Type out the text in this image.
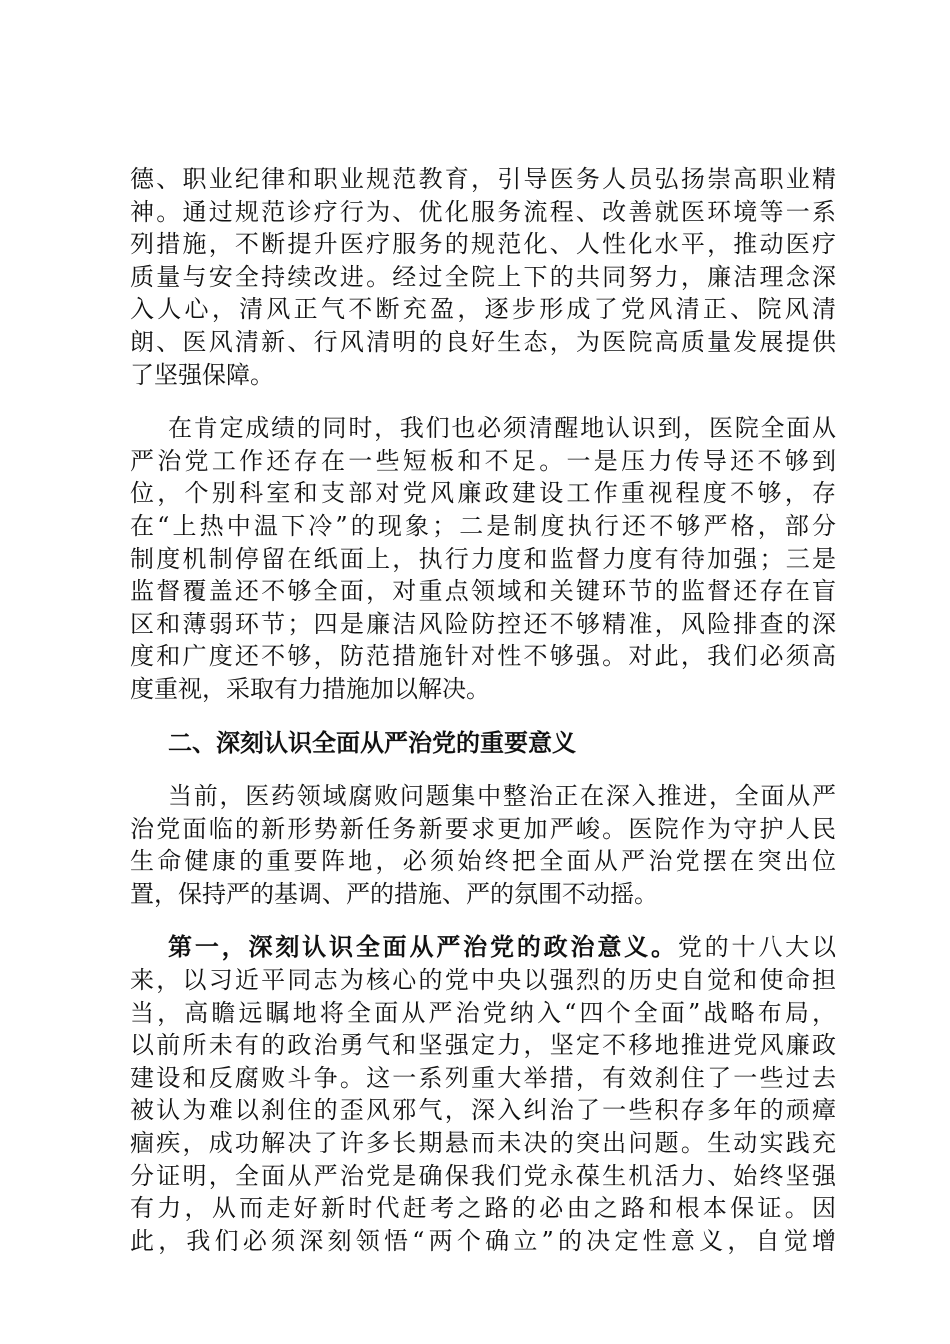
德、职业纪律和职业规范教育，引导医务人员弘扬崇高职业精
神。通过规范诊疗行为、优化服务流程、改善就医环境等一系
列措施，不断提升医疗服务的规范化、人性化水平，推动医疗
质量与安全持续改进。经过全院上下的共同努力，廉洁理念深
入人心，清风正气不断充盈，逐步形成了党风清正、院风清
朗、医风清新、行风清明的良好生态，为医院高质量发展提供
了坚强保障。
在肯定成绩的同时，我们也必须清醒地认识到，医院全面从
严治党工作还存在一些短板和不足。一是压力传导还不够到
位，个别科室和支部对党风廉政建设工作重视程度不够，存
在“上热中温下冷”的现象；二是制度执行还不够严格，部分
制度机制停留在纸面上，执行力度和监督力度有待加强；三是
监督覆盖还不够全面，对重点领域和关键环节的监督还存在盲
区和薄弱环节；四是廉洁风险防控还不够精准，风险排查的深
度和广度还不够，防范措施针对性不够强。对此，我们必须高
度重视，采取有力措施加以解决。
二、深刻认识全面从严治党的重要意义
当前，医药领域腐败问题集中整治正在深入推进，全面从严
治党面临的新形势新任务新要求更加严峻。医院作为守护人民
生命健康的重要阵地，必须始终把全面从严治党摆在突出位
置，保持严的基调、严的措施、严的氛围不动摇。
第一，深刻认识全面从严治党的政治意义。党的十八大以
来，以习近平同志为核心的党中央以强烈的历史自觉和使命担
当，高瞻远瞩地将全面从严治党纳入“四个全面”战略布局，
以前所未有的政治勇气和坚强定力，坚定不移地推进党风廉政
建设和反腐败斗争。这一系列重大举措，有效刹住了一些过去
被认为难以刹住的歪风邪气，深入纠治了一些积存多年的顽瘴
痼疾，成功解决了许多长期悬而未决的突出问题。生动实践充
分证明，全面从严治党是确保我们党永葆生机活力、始终坚强
有力，从而走好新时代赶考之路的必由之路和根本保证。因
此，我们必须深刻领悟“两个确立”的决定性意义，自觉增
